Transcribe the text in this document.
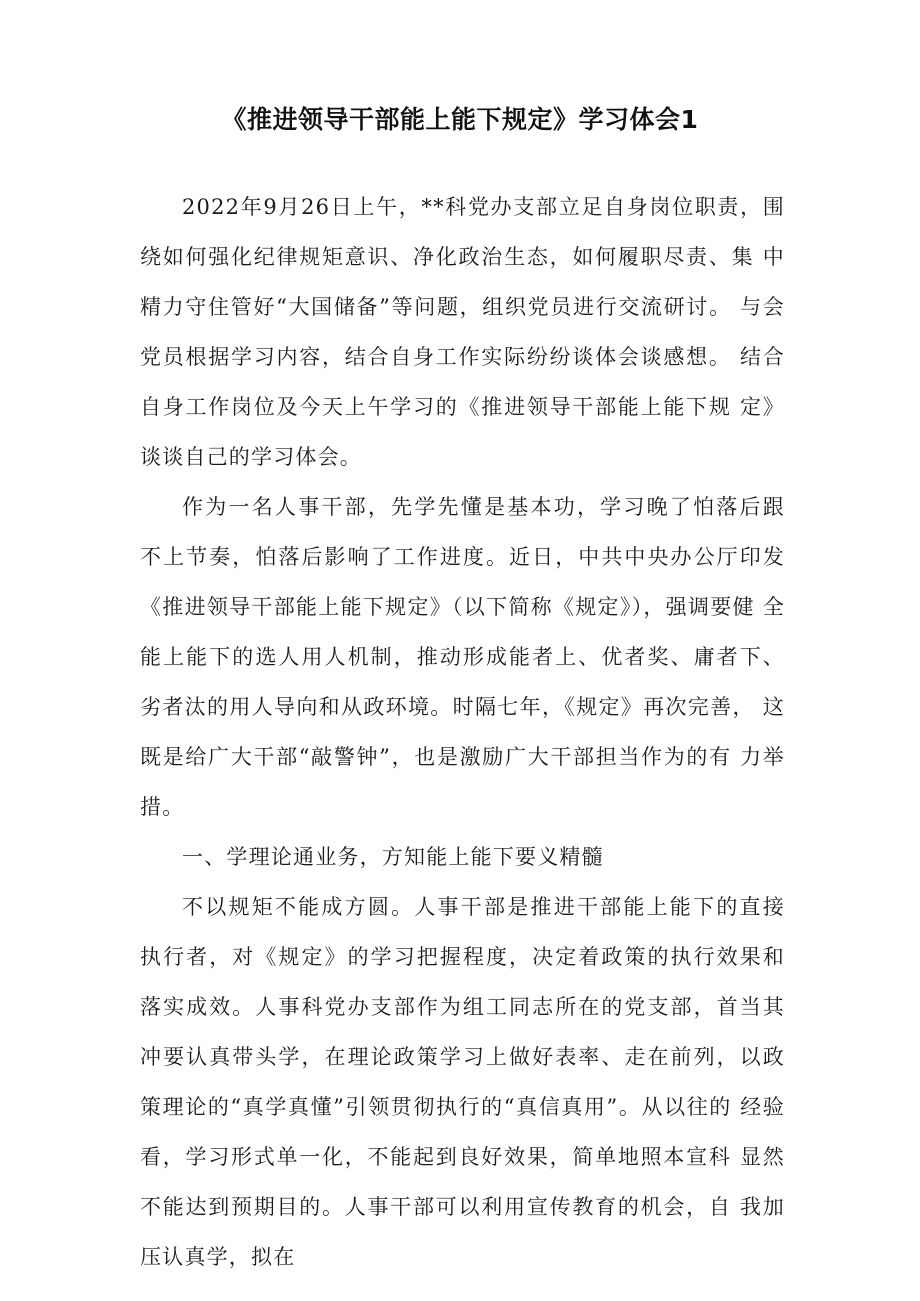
《推进领导干部能上能下规定》学习体会1

2022年9月26日上午，**科党办支部立足自身岗位职责，围绕如何强化纪律规矩意识、净化政治生态，如何履职尽责、集 中精力守住管好“大国储备”等问题，组织党员进行交流研讨。 与会党员根据学习内容，结合自身工作实际纷纷谈体会谈感想。 结合自身工作岗位及今天上午学习的《推进领导干部能上能下规 定》谈谈自己的学习体会。

作为一名人事干部，先学先懂是基本功，学习晚了怕落后跟 不上节奏，怕落后影响了工作进度。近日，中共中央办公厅印发 《推进领导干部能上能下规定》（以下简称《规定》），强调要健 全能上能下的选人用人机制，推动形成能者上、优者奖、庸者下、 劣者汰的用人导向和从政环境。时隔七年，《规定》再次完善， 这既是给广大干部“敲警钟”，也是激励广大干部担当作为的有 力举措。

一、学理论通业务，方知能上能下要义精髓

不以规矩不能成方圆。人事干部是推进干部能上能下的直接 执行者，对《规定》的学习把握程度，决定着政策的执行效果和 落实成效。人事科党办支部作为组工同志所在的党支部，首当其 冲要认真带头学，在理论政策学习上做好表率、走在前列，以政 策理论的“真学真懂”引领贯彻执行的“真信真用”。从以往的 经验看，学习形式单一化，不能起到良好效果，简单地照本宣科 显然不能达到预期目的。人事干部可以利用宣传教育的机会，自 我加压认真学，拟在
